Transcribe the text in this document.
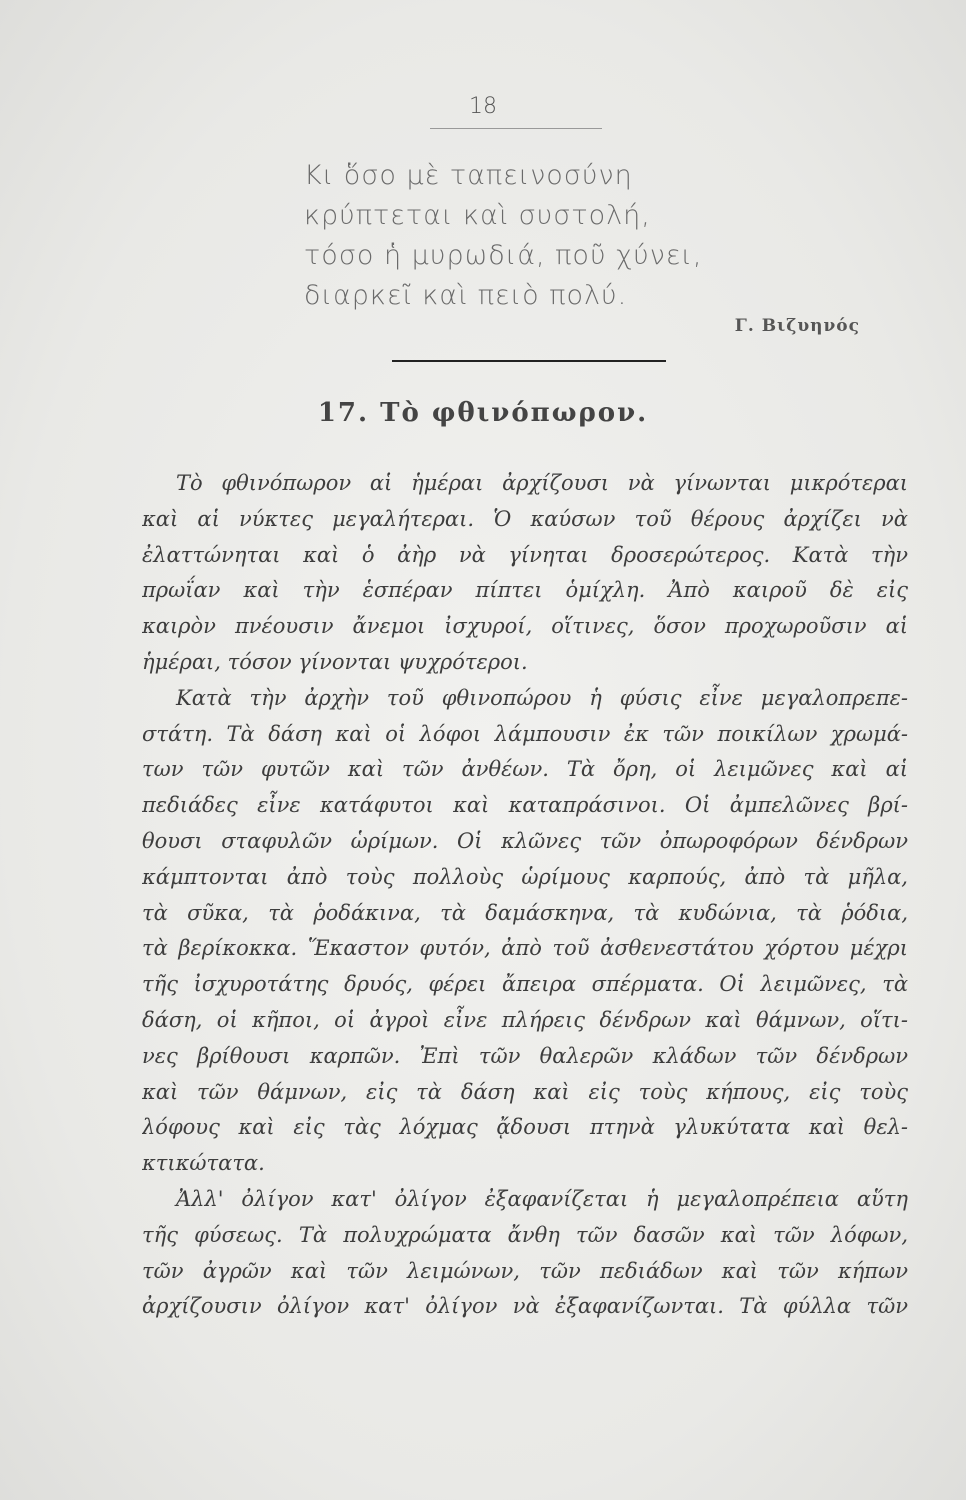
18
Κι ὅσο μὲ ταπεινοσύνη
κρύπτεται καὶ συστολή,
τόσο ἡ μυρωδιά, ποῦ χύνει,
διαρκεῖ καὶ πειὸ πολύ.
Γ. Βιζυηνός
17. Τὸ φθινόπωρον.
Τὸ φθινόπωρον αἱ ἡμέραι ἀρχίζουσι νὰ γίνωνται μικρότεραι
καὶ αἱ νύκτες μεγαλήτεραι. Ὁ καύσων τοῦ θέρους ἀρχίζει νὰ
ἐλαττώνηται καὶ ὁ ἀὴρ νὰ γίνηται δροσερώτερος. Κατὰ τὴν
πρωΐαν καὶ τὴν ἑσπέραν πίπτει ὁμίχλη. Ἀπὸ καιροῦ δὲ εἰς
καιρὸν πνέουσιν ἄνεμοι ἰσχυροί, οἵτινες, ὅσον προχωροῦσιν αἱ
ἡμέραι, τόσον γίνονται ψυχρότεροι.
Κατὰ τὴν ἀρχὴν τοῦ φθινοπώρου ἡ φύσις εἶνε μεγαλοπρεπε-
στάτη. Τὰ δάση καὶ οἱ λόφοι λάμπουσιν ἐκ τῶν ποικίλων χρωμά-
των τῶν φυτῶν καὶ τῶν ἀνθέων. Τὰ ὄρη, οἱ λειμῶνες καὶ αἱ
πεδιάδες εἶνε κατάφυτοι καὶ καταπράσινοι. Οἱ ἀμπελῶνες βρί-
θουσι σταφυλῶν ὡρίμων. Οἱ κλῶνες τῶν ὀπωροφόρων δένδρων
κάμπτονται ἀπὸ τοὺς πολλοὺς ὡρίμους καρπούς, ἀπὸ τὰ μῆλα,
τὰ σῦκα, τὰ ῥοδάκινα, τὰ δαμάσκηνα, τὰ κυδώνια, τὰ ῥόδια,
τὰ βερίκοκκα. Ἕκαστον φυτόν, ἀπὸ τοῦ ἀσθενεστάτου χόρτου μέχρι
τῆς ἰσχυροτάτης δρυός, φέρει ἄπειρα σπέρματα. Οἱ λειμῶνες, τὰ
δάση, οἱ κῆποι, οἱ ἀγροὶ εἶνε πλήρεις δένδρων καὶ θάμνων, οἵτι-
νες βρίθουσι καρπῶν. Ἐπὶ τῶν θαλερῶν κλάδων τῶν δένδρων
καὶ τῶν θάμνων, εἰς τὰ δάση καὶ εἰς τοὺς κήπους, εἰς τοὺς
λόφους καὶ εἰς τὰς λόχμας ᾄδουσι πτηνὰ γλυκύτατα καὶ θελ-
κτικώτατα.
Ἀλλ' ὀλίγον κατ' ὀλίγον ἐξαφανίζεται ἡ μεγαλοπρέπεια αὕτη
τῆς φύσεως. Τὰ πολυχρώματα ἄνθη τῶν δασῶν καὶ τῶν λόφων,
τῶν ἀγρῶν καὶ τῶν λειμώνων, τῶν πεδιάδων καὶ τῶν κήπων
ἀρχίζουσιν ὀλίγον κατ' ὀλίγον νὰ ἐξαφανίζωνται. Τὰ φύλλα τῶν
